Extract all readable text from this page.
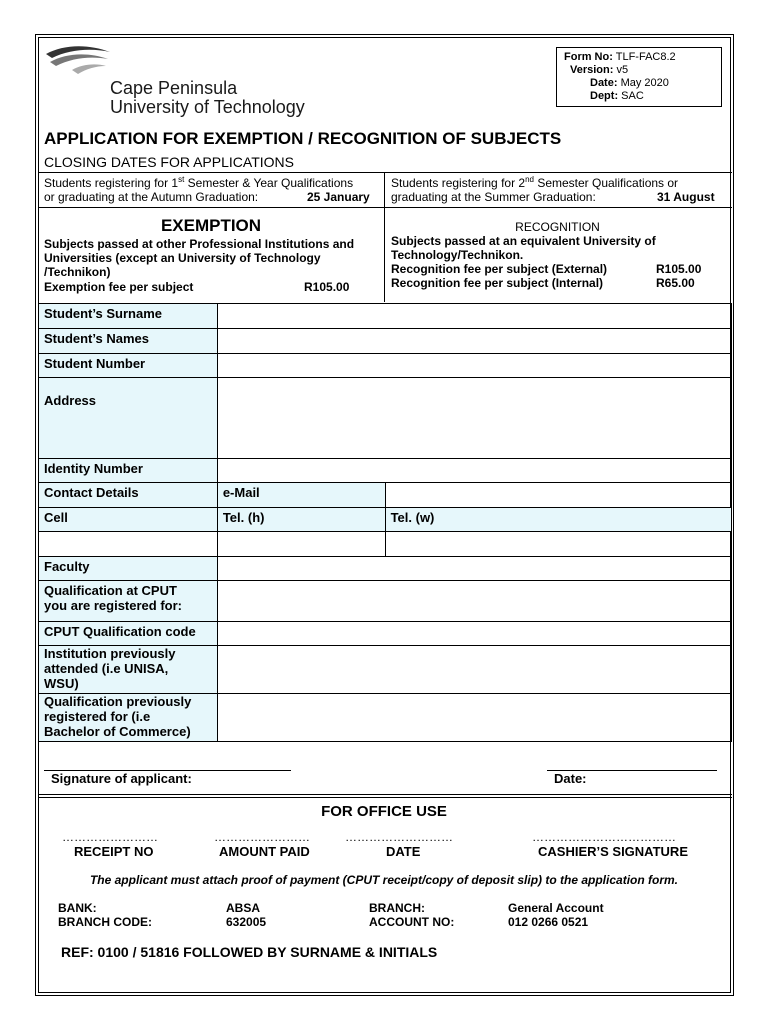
Cape Peninsula
University of Technology
Form No: TLF-FAC8.2
Version: v5
Date: May 2020
Dept: SAC
APPLICATION FOR EXEMPTION / RECOGNITION OF SUBJECTS
CLOSING DATES FOR APPLICATIONS
Students registering for 1st Semester & Year Qualifications
or graduating at the Autumn Graduation:	25 January
Students registering for 2nd Semester Qualifications or
graduating at the Summer Graduation:	31 August
EXEMPTION
Subjects passed at other Professional Institutions and
Universities (except an University of Technology
/Technikon)
Exemption fee per subject	R105.00
RECOGNITION
Subjects passed at an equivalent University of
Technology/Technikon.
Recognition fee per subject (External)	R105.00
Recognition fee per subject (Internal)	R65.00
Student’s Surname		
Student’s Names		
Student Number		
Address		
Identity Number		
Contact Details	e-Mail	
Cell	Tel. (h)	Tel. (w)

Faculty		
Qualification at CPUT
you are registered for:		
CPUT Qualification code		
Institution previously
attended (i.e UNISA,
WSU)		
Qualification previously
registered for (i.e
Bachelor of Commerce)		
Signature of applicant:	Date:
FOR OFFICE USE
……………………	……………………	………………………	………………………………
RECEIPT NO	AMOUNT PAID	DATE	CASHIER’S SIGNATURE
The applicant must attach proof of payment (CPUT receipt/copy of deposit slip) to the application form.
BANK:	ABSA	BRANCH:	General Account
BRANCH CODE:	632005	ACCOUNT NO:	012 0266 0521
REF: 0100 / 51816 FOLLOWED BY SURNAME & INITIALS
